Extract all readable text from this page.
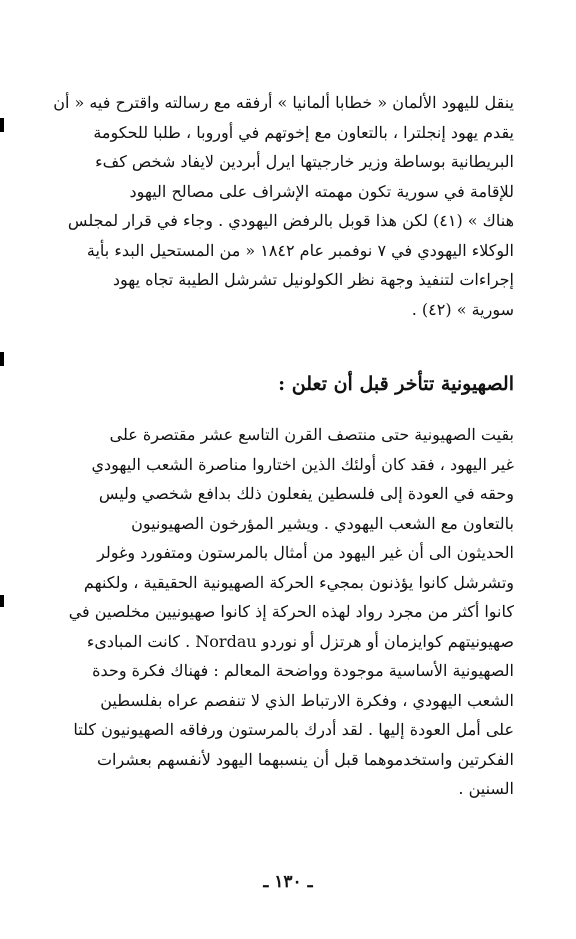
ينقل لليهود الألمان « خطابا ألمانيا » أرفقه مع رسالته واقترح فيه « أن
يقدم يهود إنجلترا ، بالتعاون مع إخوتهم في أوروبا ، طلبا للحكومة
البريطانية بوساطة وزير خارجيتها ايرل أبردين لايفاد شخص كفء
للإقامة في سورية تكون مهمته الإشراف على مصالح اليهود
هناك » (٤١) لكن هذا قوبل بالرفض اليهودي . وجاء في قرار لمجلس
الوكلاء اليهودي في ٧ نوفمبر عام ١٨٤٢ « من المستحيل البدء بأية
إجراءات لتنفيذ وجهة نظر الكولونيل تشرشل الطيبة تجاه يهود
سورية » (٤٢) .
الصهيونية تتأخر قبل أن تعلن :
بقيت الصهيونية حتى منتصف القرن التاسع عشر مقتصرة على
غير اليهود ، فقد كان أولئك الذين اختاروا مناصرة الشعب اليهودي
وحقه في العودة إلى فلسطين يفعلون ذلك بدافع شخصي وليس
بالتعاون مع الشعب اليهودي . ويشير المؤرخون الصهيونيون
الحديثون الى أن غير اليهود من أمثال بالمرستون ومتفورد وغولر
وتشرشل كانوا يؤذنون بمجيء الحركة الصهيونية الحقيقية ، ولكنهم
كانوا أكثر من مجرد رواد لهذه الحركة إذ كانوا صهيونيين مخلصين في
صهيونيتهم كوايزمان أو هرتزل أو نوردو Nordau . كانت المبادىء
الصهيونية الأساسية موجودة وواضحة المعالم : فهناك فكرة وحدة
الشعب اليهودي ، وفكرة الارتباط الذي لا تنفصم عراه بفلسطين
على أمل العودة إليها . لقد أدرك بالمرستون ورفاقه الصهيونيون كلتا
الفكرتين واستخدموهما قبل أن ينسبهما اليهود لأنفسهم بعشرات
السنين .
ـ ١٣٠ ـ
